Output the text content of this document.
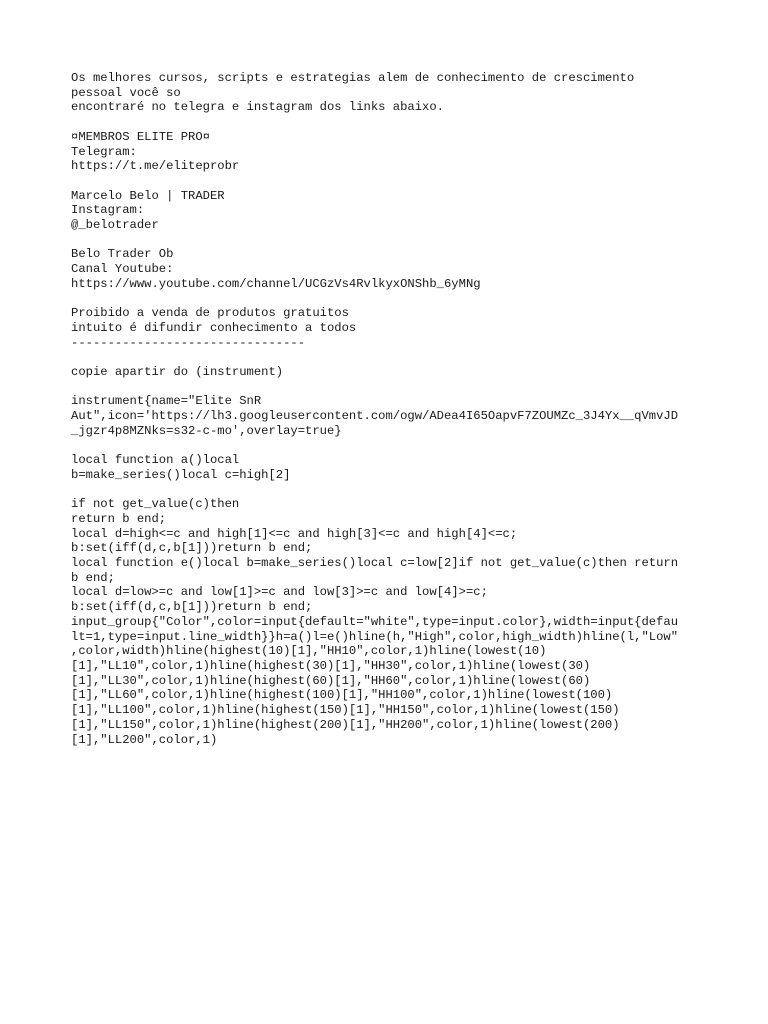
Os melhores cursos, scripts e estrategias alem de conhecimento de crescimento
pessoal você so
encontraré no telegra e instagram dos links abaixo.
¤MEMBROS ELITE PRO¤
Telegram:
https://t.me/eliteprobr
Marcelo Belo | TRADER
Instagram:
@_belotrader
Belo Trader Ob
Canal Youtube:
https://www.youtube.com/channel/UCGzVs4RvlkyxONShb_6yMNg
Proibido a venda de produtos gratuitos
intuito é difundir conhecimento a todos
--------------------------------
copie apartir do (instrument)
instrument{name="Elite SnR
Aut",icon='https://lh3.googleusercontent.com/ogw/ADea4I65OapvF7ZOUMZc_3J4Yx__qVmvJD
_jgzr4p8MZNks=s32-c-mo',overlay=true}
local function a()local
b=make_series()local c=high[2]
if not get_value(c)then
return b end;
local d=high<=c and high[1]<=c and high[3]<=c and high[4]<=c;
b:set(iff(d,c,b[1]))return b end;
local function e()local b=make_series()local c=low[2]if not get_value(c)then return
b end;
local d=low>=c and low[1]>=c and low[3]>=c and low[4]>=c;
b:set(iff(d,c,b[1]))return b end;
input_group{"Color",color=input{default="white",type=input.color},width=input{defau
lt=1,type=input.line_width}}h=a()l=e()hline(h,"High",color,high_width)hline(l,"Low"
,color,width)hline(highest(10)[1],"HH10",color,1)hline(lowest(10)
[1],"LL10",color,1)hline(highest(30)[1],"HH30",color,1)hline(lowest(30)
[1],"LL30",color,1)hline(highest(60)[1],"HH60",color,1)hline(lowest(60)
[1],"LL60",color,1)hline(highest(100)[1],"HH100",color,1)hline(lowest(100)
[1],"LL100",color,1)hline(highest(150)[1],"HH150",color,1)hline(lowest(150)
[1],"LL150",color,1)hline(highest(200)[1],"HH200",color,1)hline(lowest(200)
[1],"LL200",color,1)
